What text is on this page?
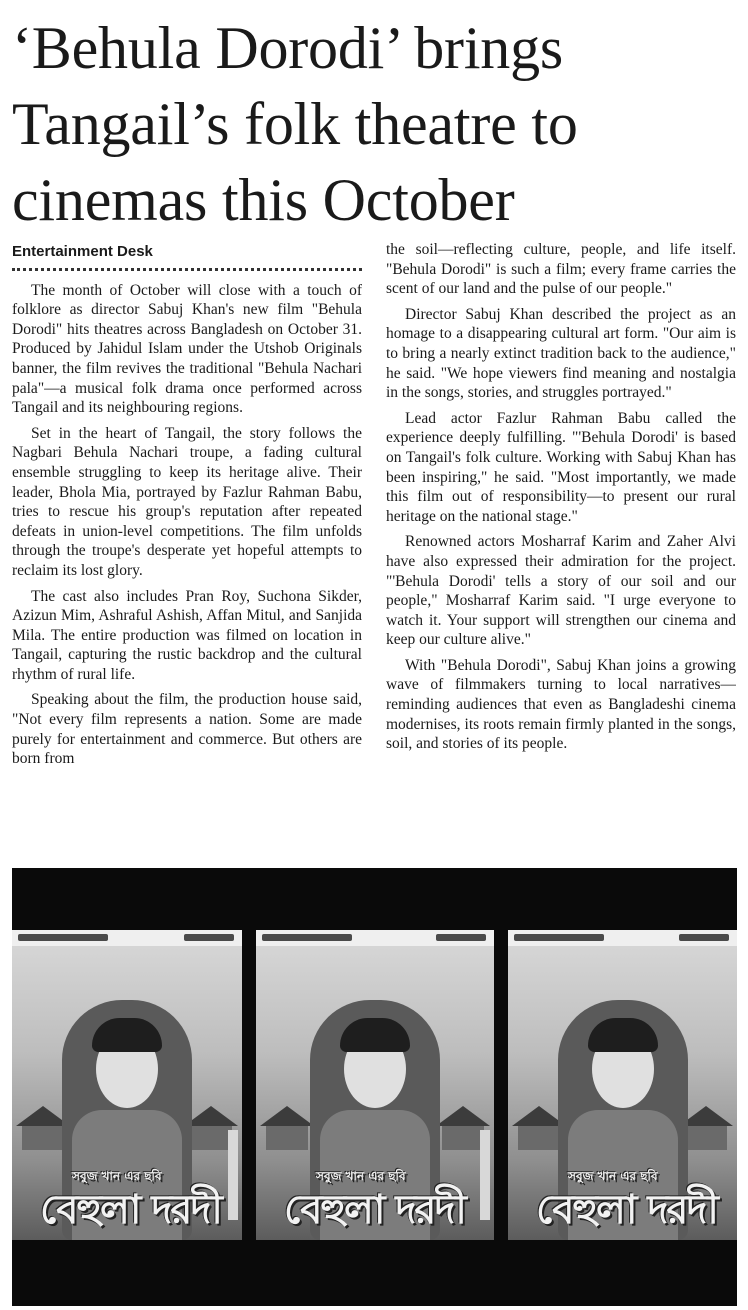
‘Behula Dorodi’ brings
Tangail’s folk theatre to
cinemas this October
Entertainment Desk

The month of October will close with a touch of folklore as director Sabuj Khan's new film "Behula Dorodi" hits theatres across Bangladesh on October 31. Produced by Jahidul Islam under the Utshob Originals banner, the film revives the traditional "Behula Nachari pala"—a musical folk drama once performed across Tangail and its neighbouring regions.

Set in the heart of Tangail, the story follows the Nagbari Behula Nachari troupe, a fading cultural ensemble struggling to keep its heritage alive. Their leader, Bhola Mia, portrayed by Fazlur Rahman Babu, tries to rescue his group's reputation after repeated defeats in union-level competitions. The film unfolds through the troupe's desperate yet hopeful attempts to reclaim its lost glory.

The cast also includes Pran Roy, Suchona Sikder, Azizun Mim, Ashraful Ashish, Affan Mitul, and Sanjida Mila. The entire production was filmed on location in Tangail, capturing the rustic backdrop and the cultural rhythm of rural life.

Speaking about the film, the production house said, "Not every film represents a nation. Some are made purely for entertainment and commerce. But others are born from

the soil—reflecting culture, people, and life itself. "Behula Dorodi" is such a film; every frame carries the scent of our land and the pulse of our people."

Director Sabuj Khan described the project as an homage to a disappearing cultural art form. "Our aim is to bring a nearly extinct tradition back to the audience," he said. "We hope viewers find meaning and nostalgia in the songs, stories, and struggles portrayed."

Lead actor Fazlur Rahman Babu called the experience deeply fulfilling. "'Behula Dorodi' is based on Tangail's folk culture. Working with Sabuj Khan has been inspiring," he said. "Most importantly, we made this film out of responsibility—to present our rural heritage on the national stage."

Renowned actors Mosharraf Karim and Zaher Alvi have also expressed their admiration for the project. "'Behula Dorodi' tells a story of our soil and our people," Mosharraf Karim said. "I urge everyone to watch it. Your support will strengthen our cinema and keep our culture alive."

With "Behula Dorodi", Sabuj Khan joins a growing wave of filmmakers turning to local narratives—reminding audiences that even as Bangladeshi cinema modernises, its roots remain firmly planted in the songs, soil, and stories of its people.

সবুজ খান এর ছবি
বেহুলা দরদী
সবুজ খান এর ছবি
বেহুলা দরদী
সবুজ খান এর ছবি
বেহুলা দরদী
